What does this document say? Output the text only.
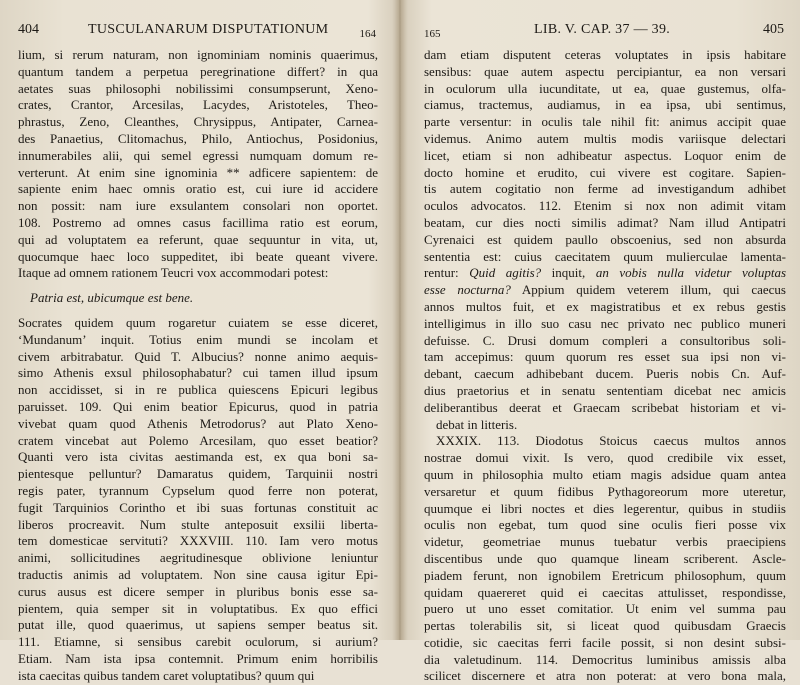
404	TUSCULANARUM DISPUTATIONUM	164
lium, si rerum naturam, non ignominiam nominis quaerimus,
quantum tandem a perpetua peregrinatione differt? in qua
aetates suas philosophi nobilissimi consumpserunt, Xeno-
crates, Crantor, Arcesilas, Lacydes, Aristoteles, Theo-
phrastus, Zeno, Cleanthes, Chrysippus, Antipater, Carnea-
des Panaetius, Clitomachus, Philo, Antiochus, Posidonius,
innumerabiles alii, qui semel egressi numquam domum re-
verterunt. At enim sine ignominia ** adficere sapientem: de
sapiente enim haec omnis oratio est, cui iure id accidere
non possit: nam iure exsulantem consolari non oportet.
108. Postremo ad omnes casus facillima ratio est eorum,
qui ad voluptatem ea referunt, quae sequuntur in vita, ut,
quocumque haec loco suppeditet, ibi beate queant vivere.
Itaque ad omnem rationem Teucri vox accommodari potest:
Patria est, ubicumque est bene.
Socrates quidem quum rogaretur cuiatem se esse diceret,
‘Mundanum’ inquit. Totius enim mundi se incolam et
civem arbitrabatur. Quid T. Albucius? nonne animo aequis-
simo Athenis exsul philosophabatur? cui tamen illud ipsum
non accidisset, si in re publica quiescens Epicuri legibus
paruisset. 109. Qui enim beatior Epicurus, quod in patria
vivebat quam quod Athenis Metrodorus? aut Plato Xeno-
cratem vincebat aut Polemo Arcesilam, quo esset beatior?
Quanti vero ista civitas aestimanda est, ex qua boni sa-
pientesque pelluntur? Damaratus quidem, Tarquinii nostri
regis pater, tyrannum Cypselum quod ferre non poterat,
fugit Tarquinios Corintho et ibi suas fortunas constituit ac
liberos procreavit. Num stulte anteposuit exsilii liberta-
tem domesticae servituti? XXXVIII. 110. Iam vero motus
animi, sollicitudines aegritudinesque oblivione leniuntur
traductis animis ad voluptatem. Non sine causa igitur Epi-
curus ausus est dicere semper in pluribus bonis esse sa-
pientem, quia semper sit in voluptatibus. Ex quo effici
putat ille, quod quaerimus, ut sapiens semper beatus sit.
111. Etiamne, si sensibus carebit oculorum, si aurium?
Etiam. Nam ista ipsa contemnit. Primum enim horribilis
ista caecitas quibus tandem caret voluptatibus? quum qui
165	LIB. V. CAP. 37 — 39.	405
dam etiam disputent ceteras voluptates in ipsis habitare
sensibus: quae autem aspectu percipiantur, ea non versari
in oculorum ulla iucunditate, ut ea, quae gustemus, olfa-
ciamus, tractemus, audiamus, in ea ipsa, ubi sentimus,
parte versentur: in oculis tale nihil fit: animus accipit quae
videmus. Animo autem multis modis variisque delectari
licet, etiam si non adhibeatur aspectus. Loquor enim de
docto homine et erudito, cui vivere est cogitare. Sapien-
tis autem cogitatio non ferme ad investigandum adhibet
oculos advocatos. 112. Etenim si nox non adimit vitam
beatam, cur dies nocti similis adimat? Nam illud Antipatri
Cyrenaici est quidem paullo obscoenius, sed non absurda
sententia est: cuius caecitatem quum mulierculae lamenta-
rentur: Quid agitis? inquit, an vobis nulla videtur voluptas
esse nocturna? Appium quidem veterem illum, qui caecus
annos multos fuit, et ex magistratibus et ex rebus gestis
intelligimus in illo suo casu nec privato nec publico muneri
defuisse. C. Drusi domum compleri a consultoribus soli-
tam accepimus: quum quorum res esset sua ipsi non vi-
debant, caecum adhibebant ducem. Pueris nobis Cn. Auf-
dius praetorius et in senatu sententiam dicebat nec amicis
deliberantibus deerat et Graecam scribebat historiam et vi-
debat in litteris.
XXXIX. 113. Diodotus Stoicus caecus multos annos
nostrae domui vixit. Is vero, quod credibile vix esset,
quum in philosophia multo etiam magis adsidue quam antea
versaretur et quum fidibus Pythagoreorum more uteretur,
quumque ei libri noctes et dies legerentur, quibus in studiis
oculis non egebat, tum quod sine oculis fieri posse vix
videtur, geometriae munus tuebatur verbis praecipiens
discentibus unde quo quamque lineam scriberent. Ascle-
piadem ferunt, non ignobilem Eretricum philosophum, quum
quidam quaereret quid ei caecitas attulisset, respondisse,
puero ut uno esset comitatior. Ut enim vel summa pau
pertas tolerabilis sit, si liceat quod quibusdam Graecis
cotidie, sic caecitas ferri facile possit, si non desint subsi-
dia valetudinum. 114. Democritus luminibus amissis alba
scilicet discernere et atra non poterat: at vero bona mala,
